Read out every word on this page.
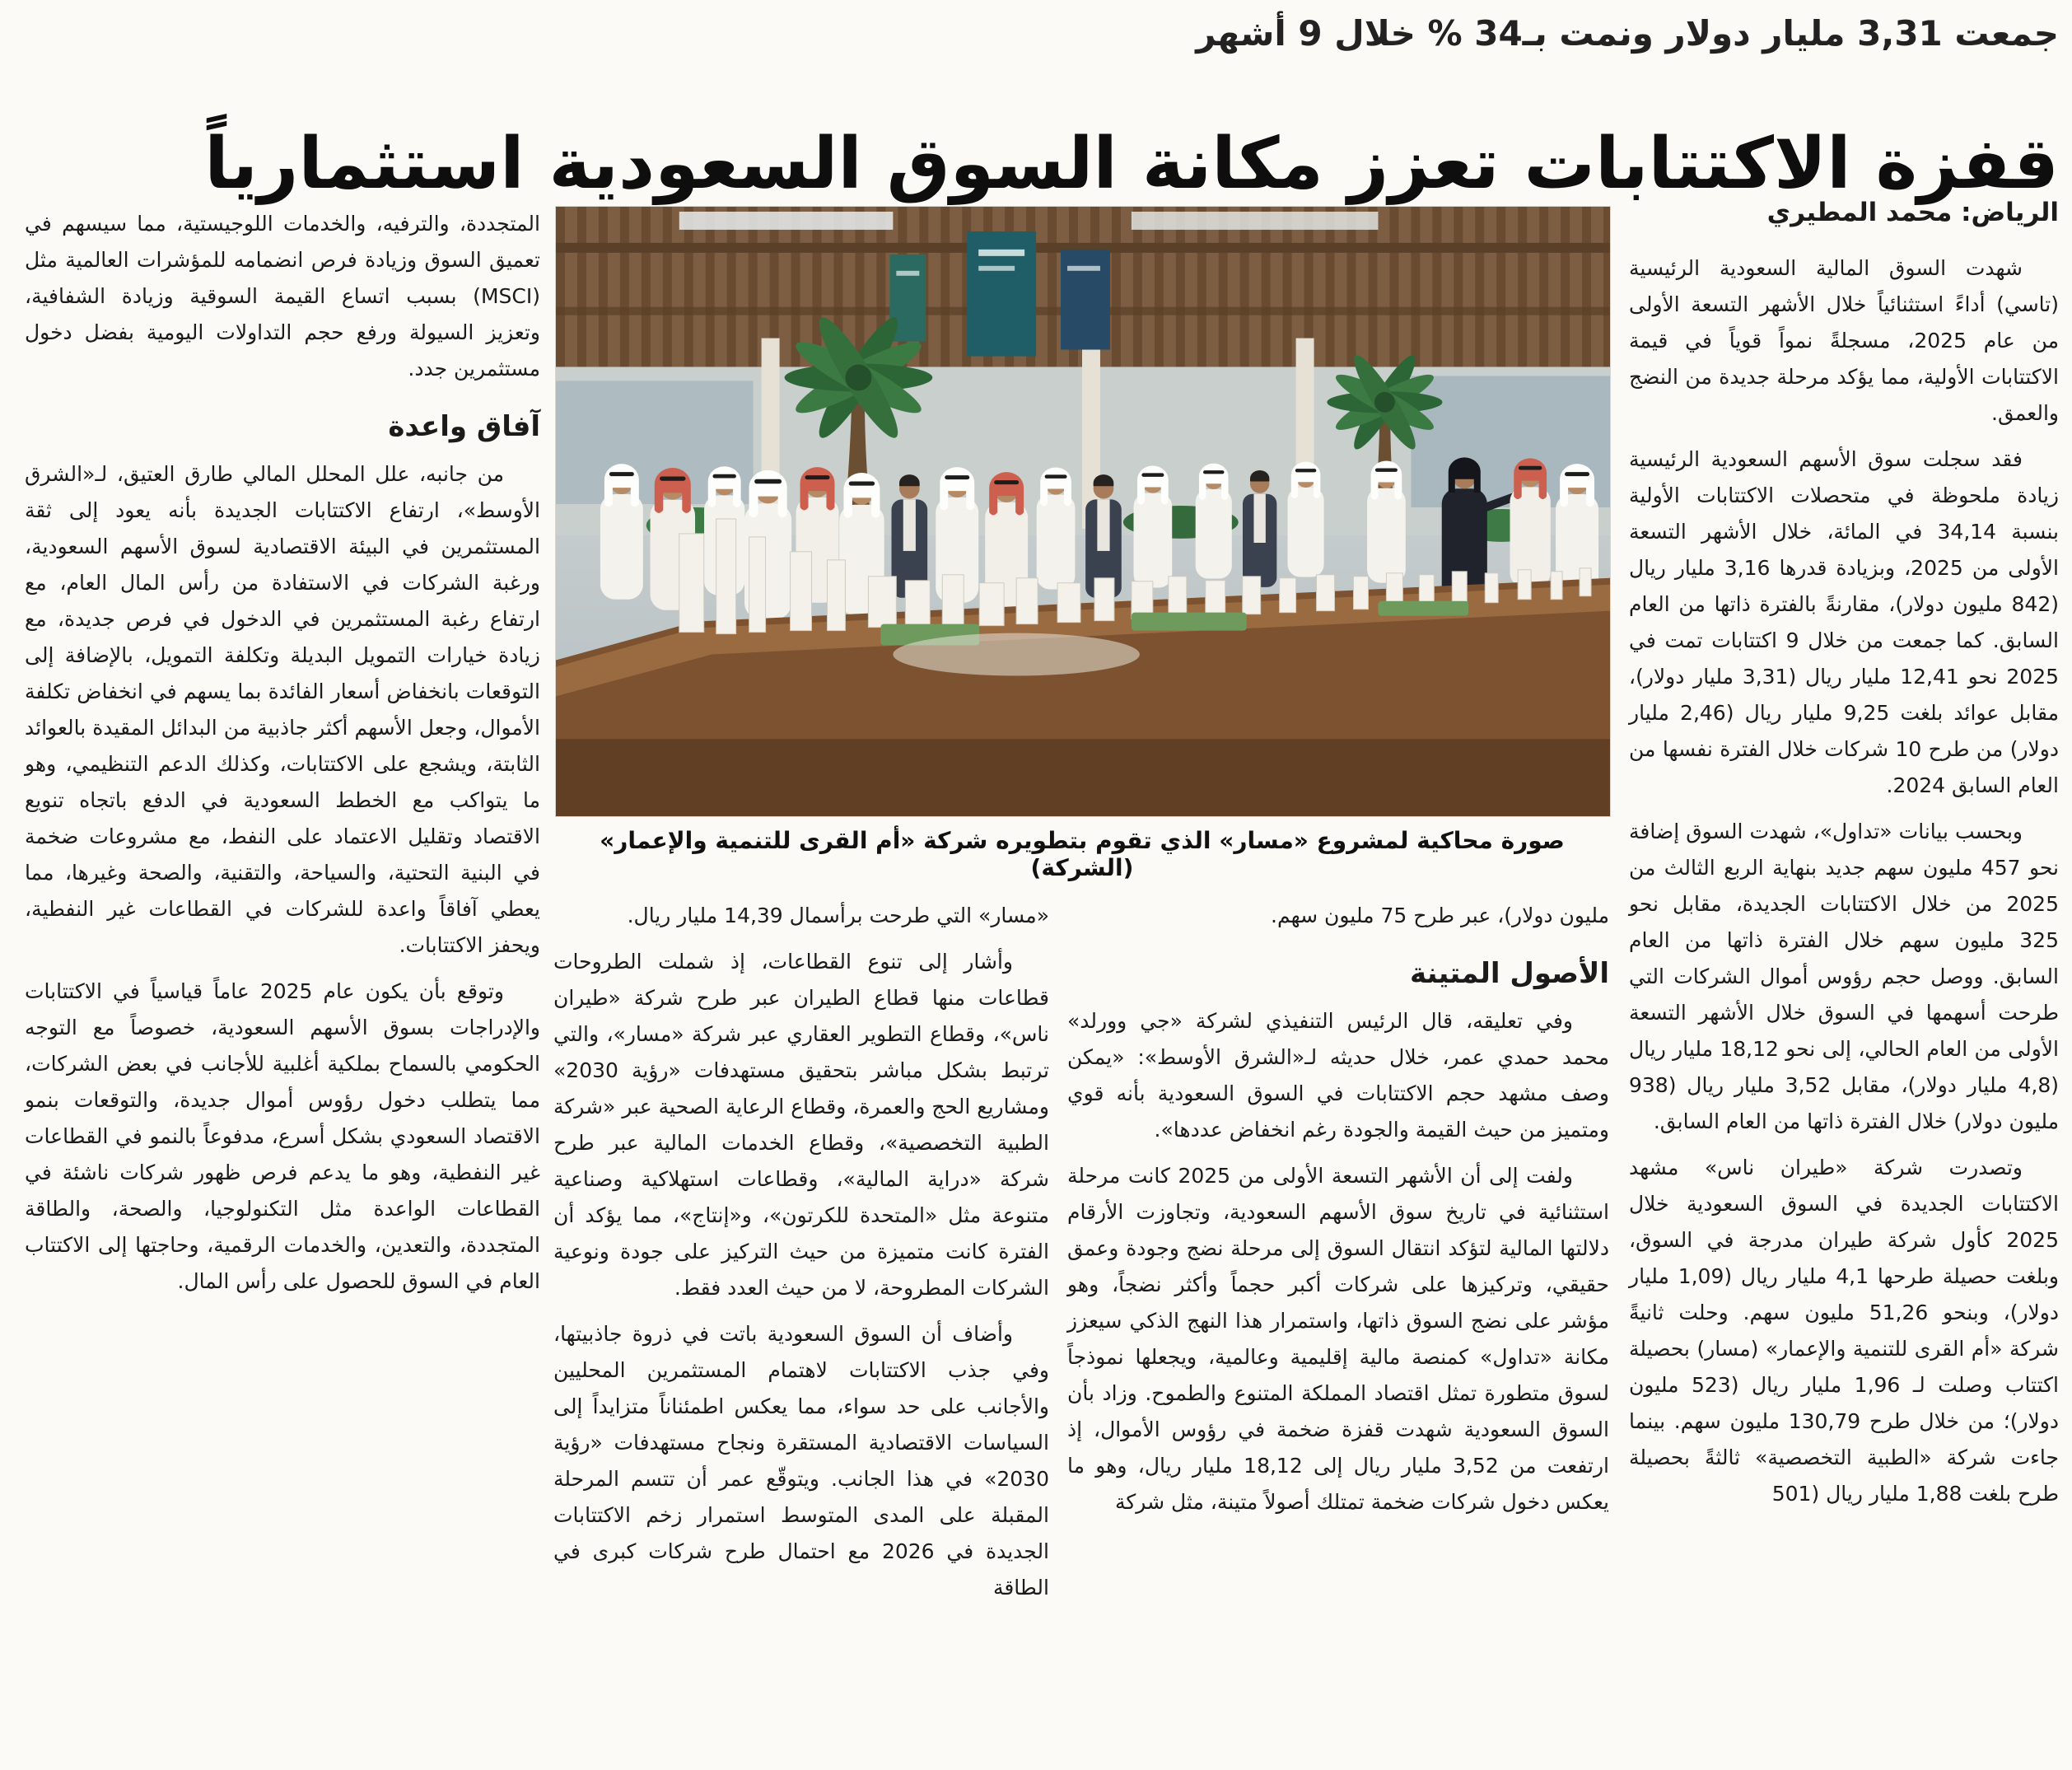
جمعت 3,31 مليار دولار ونمت بـ34 % خلال 9 أشهر
قفزة الاكتتابات تعزز مكانة السوق السعودية استثمارياً
الرياض: محمد المطيري
صورة محاكية لمشروع «مسار» الذي تقوم بتطويره شركة «أم القرى للتنمية والإعمار» (الشركة)

شهدت السوق المالية السعودية الرئيسية (تاسي) أداءً استثنائياً خلال الأشهر التسعة الأولى من عام 2025، مسجلةً نمواً قوياً في قيمة الاكتتابات الأولية، مما يؤكد مرحلة جديدة من النضج والعمق.

فقد سجلت سوق الأسهم السعودية الرئيسية زيادة ملحوظة في متحصلات الاكتتابات الأولية بنسبة 34,14 في المائة، خلال الأشهر التسعة الأولى من 2025، وبزيادة قدرها 3,16 مليار ريال (842 مليون دولار)، مقارنةً بالفترة ذاتها من العام السابق. كما جمعت من خلال 9 اكتتابات تمت في 2025 نحو 12,41 مليار ريال (3,31 مليار دولار)، مقابل عوائد بلغت 9,25 مليار ريال (2,46 مليار دولار) من طرح 10 شركات خلال الفترة نفسها من العام السابق 2024.

وبحسب بيانات «تداول»، شهدت السوق إضافة نحو 457 مليون سهم جديد بنهاية الربع الثالث من 2025 من خلال الاكتتابات الجديدة، مقابل نحو 325 مليون سهم خلال الفترة ذاتها من العام السابق. ووصل حجم رؤوس أموال الشركات التي طرحت أسهمها في السوق خلال الأشهر التسعة الأولى من العام الحالي، إلى نحو 18,12 مليار ريال (4,8 مليار دولار)، مقابل 3,52 مليار ريال (938 مليون دولار) خلال الفترة ذاتها من العام السابق.

وتصدرت شركة «طيران ناس» مشهد الاكتتابات الجديدة في السوق السعودية خلال 2025 كأول شركة طيران مدرجة في السوق، وبلغت حصيلة طرحها 4,1 مليار ريال (1,09 مليار دولار)، وبنحو 51,26 مليون سهم. وحلت ثانيةً شركة «أم القرى للتنمية والإعمار» (مسار) بحصيلة اكتتاب وصلت لـ 1,96 مليار ريال (523 مليون دولار)؛ من خلال طرح 130,79 مليون سهم. بينما جاءت شركة «الطبية التخصصية» ثالثةً بحصيلة طرح بلغت 1,88 مليار ريال (501

مليون دولار)، عبر طرح 75 مليون سهم.

الأصول المتينة

وفي تعليقه، قال الرئيس التنفيذي لشركة «جي وورلد» محمد حمدي عمر، خلال حديثه لـ«الشرق الأوسط»: «يمكن وصف مشهد حجم الاكتتابات في السوق السعودية بأنه قوي ومتميز من حيث القيمة والجودة رغم انخفاض عددها».

ولفت إلى أن الأشهر التسعة الأولى من 2025 كانت مرحلة استثنائية في تاريخ سوق الأسهم السعودية، وتجاوزت الأرقام دلالتها المالية لتؤكد انتقال السوق إلى مرحلة نضج وجودة وعمق حقيقي، وتركيزها على شركات أكبر حجماً وأكثر نضجاً، وهو مؤشر على نضج السوق ذاتها، واستمرار هذا النهج الذكي سيعزز مكانة «تداول» كمنصة مالية إقليمية وعالمية، ويجعلها نموذجاً لسوق متطورة تمثل اقتصاد المملكة المتنوع والطموح. وزاد بأن السوق السعودية شهدت قفزة ضخمة في رؤوس الأموال، إذ ارتفعت من 3,52 مليار ريال إلى 18,12 مليار ريال، وهو ما يعكس دخول شركات ضخمة تمتلك أصولاً متينة، مثل شركة

«مسار» التي طرحت برأسمال 14,39 مليار ريال.

وأشار إلى تنوع القطاعات، إذ شملت الطروحات قطاعات منها قطاع الطيران عبر طرح شركة «طيران ناس»، وقطاع التطوير العقاري عبر شركة «مسار»، والتي ترتبط بشكل مباشر بتحقيق مستهدفات «رؤية 2030» ومشاريع الحج والعمرة، وقطاع الرعاية الصحية عبر «شركة الطبية التخصصية»، وقطاع الخدمات المالية عبر طرح شركة «دراية المالية»، وقطاعات استهلاكية وصناعية متنوعة مثل «المتحدة للكرتون»، و«إنتاج»، مما يؤكد أن الفترة كانت متميزة من حيث التركيز على جودة ونوعية الشركات المطروحة، لا من حيث العدد فقط.

وأضاف أن السوق السعودية باتت في ذروة جاذبيتها، وفي جذب الاكتتابات لاهتمام المستثمرين المحليين والأجانب على حد سواء، مما يعكس اطمئناناً متزايداً إلى السياسات الاقتصادية المستقرة ونجاح مستهدفات «رؤية 2030» في هذا الجانب. ويتوقّع عمر أن تتسم المرحلة المقبلة على المدى المتوسط استمرار زخم الاكتتابات الجديدة في 2026 مع احتمال طرح شركات كبرى في الطاقة

المتجددة، والترفيه، والخدمات اللوجيستية، مما سيسهم في تعميق السوق وزيادة فرص انضمامه للمؤشرات العالمية مثل (MSCI) بسبب اتساع القيمة السوقية وزيادة الشفافية، وتعزيز السيولة ورفع حجم التداولات اليومية بفضل دخول مستثمرين جدد.

آفاق واعدة

من جانبه، علل المحلل المالي طارق العتيق، لـ«الشرق الأوسط»، ارتفاع الاكتتابات الجديدة بأنه يعود إلى ثقة المستثمرين في البيئة الاقتصادية لسوق الأسهم السعودية، ورغبة الشركات في الاستفادة من رأس المال العام، مع ارتفاع رغبة المستثمرين في الدخول في فرص جديدة، مع زيادة خيارات التمويل البديلة وتكلفة التمويل، بالإضافة إلى التوقعات بانخفاض أسعار الفائدة بما يسهم في انخفاض تكلفة الأموال، وجعل الأسهم أكثر جاذبية من البدائل المقيدة بالعوائد الثابتة، ويشجع على الاكتتابات، وكذلك الدعم التنظيمي، وهو ما يتواكب مع الخطط السعودية في الدفع باتجاه تنويع الاقتصاد وتقليل الاعتماد على النفط، مع مشروعات ضخمة في البنية التحتية، والسياحة، والتقنية، والصحة وغيرها، مما يعطي آفاقاً واعدة للشركات في القطاعات غير النفطية، ويحفز الاكتتابات.

وتوقع بأن يكون عام 2025 عاماً قياسياً في الاكتتابات والإدراجات بسوق الأسهم السعودية، خصوصاً مع التوجه الحكومي بالسماح بملكية أغلبية للأجانب في بعض الشركات، مما يتطلب دخول رؤوس أموال جديدة، والتوقعات بنمو الاقتصاد السعودي بشكل أسرع، مدفوعاً بالنمو في القطاعات غير النفطية، وهو ما يدعم فرص ظهور شركات ناشئة في القطاعات الواعدة مثل التكنولوجيا، والصحة، والطاقة المتجددة، والتعدين، والخدمات الرقمية، وحاجتها إلى الاكتتاب العام في السوق للحصول على رأس المال.
